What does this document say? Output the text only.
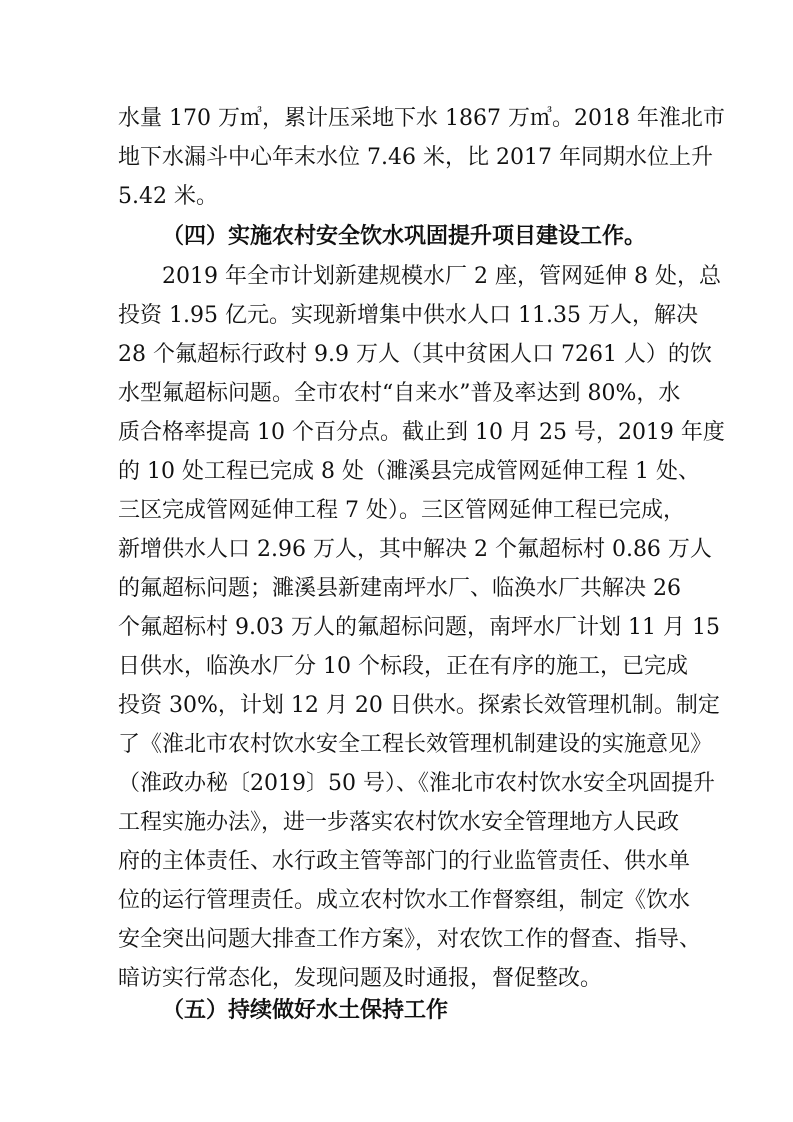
水量 170 万㎥，累计压采地下水 1867 万㎥。2018 年淮北市
地下水漏斗中心年末水位 7.46 米，比 2017 年同期水位上升
5.42 米。
（四）实施农村安全饮水巩固提升项目建设工作。
2019 年全市计划新建规模水厂 2 座，管网延伸 8 处，总
投资 1.95 亿元。实现新增集中供水人口 11.35 万人，解决
28 个氟超标行政村 9.9 万人（其中贫困人口 7261 人）的饮
水型氟超标问题。全市农村“自来水”普及率达到 80%，水
质合格率提高 10 个百分点。截止到 10 月 25 号，2019 年度
的 10 处工程已完成 8 处（濉溪县完成管网延伸工程 1 处、
三区完成管网延伸工程 7 处）。三区管网延伸工程已完成，
新增供水人口 2.96 万人，其中解决 2 个氟超标村 0.86 万人
的氟超标问题；濉溪县新建南坪水厂、临涣水厂共解决 26
个氟超标村 9.03 万人的氟超标问题，南坪水厂计划 11 月 15
日供水，临涣水厂分 10 个标段，正在有序的施工，已完成
投资 30%，计划 12 月 20 日供水。探索长效管理机制。制定
了《淮北市农村饮水安全工程长效管理机制建设的实施意见》
（淮政办秘〔2019〕50 号）、《淮北市农村饮水安全巩固提升
工程实施办法》，进一步落实农村饮水安全管理地方人民政
府的主体责任、水行政主管等部门的行业监管责任、供水单
位的运行管理责任。成立农村饮水工作督察组，制定《饮水
安全突出问题大排查工作方案》，对农饮工作的督查、指导、
暗访实行常态化，发现问题及时通报，督促整改。
（五）持续做好水土保持工作
